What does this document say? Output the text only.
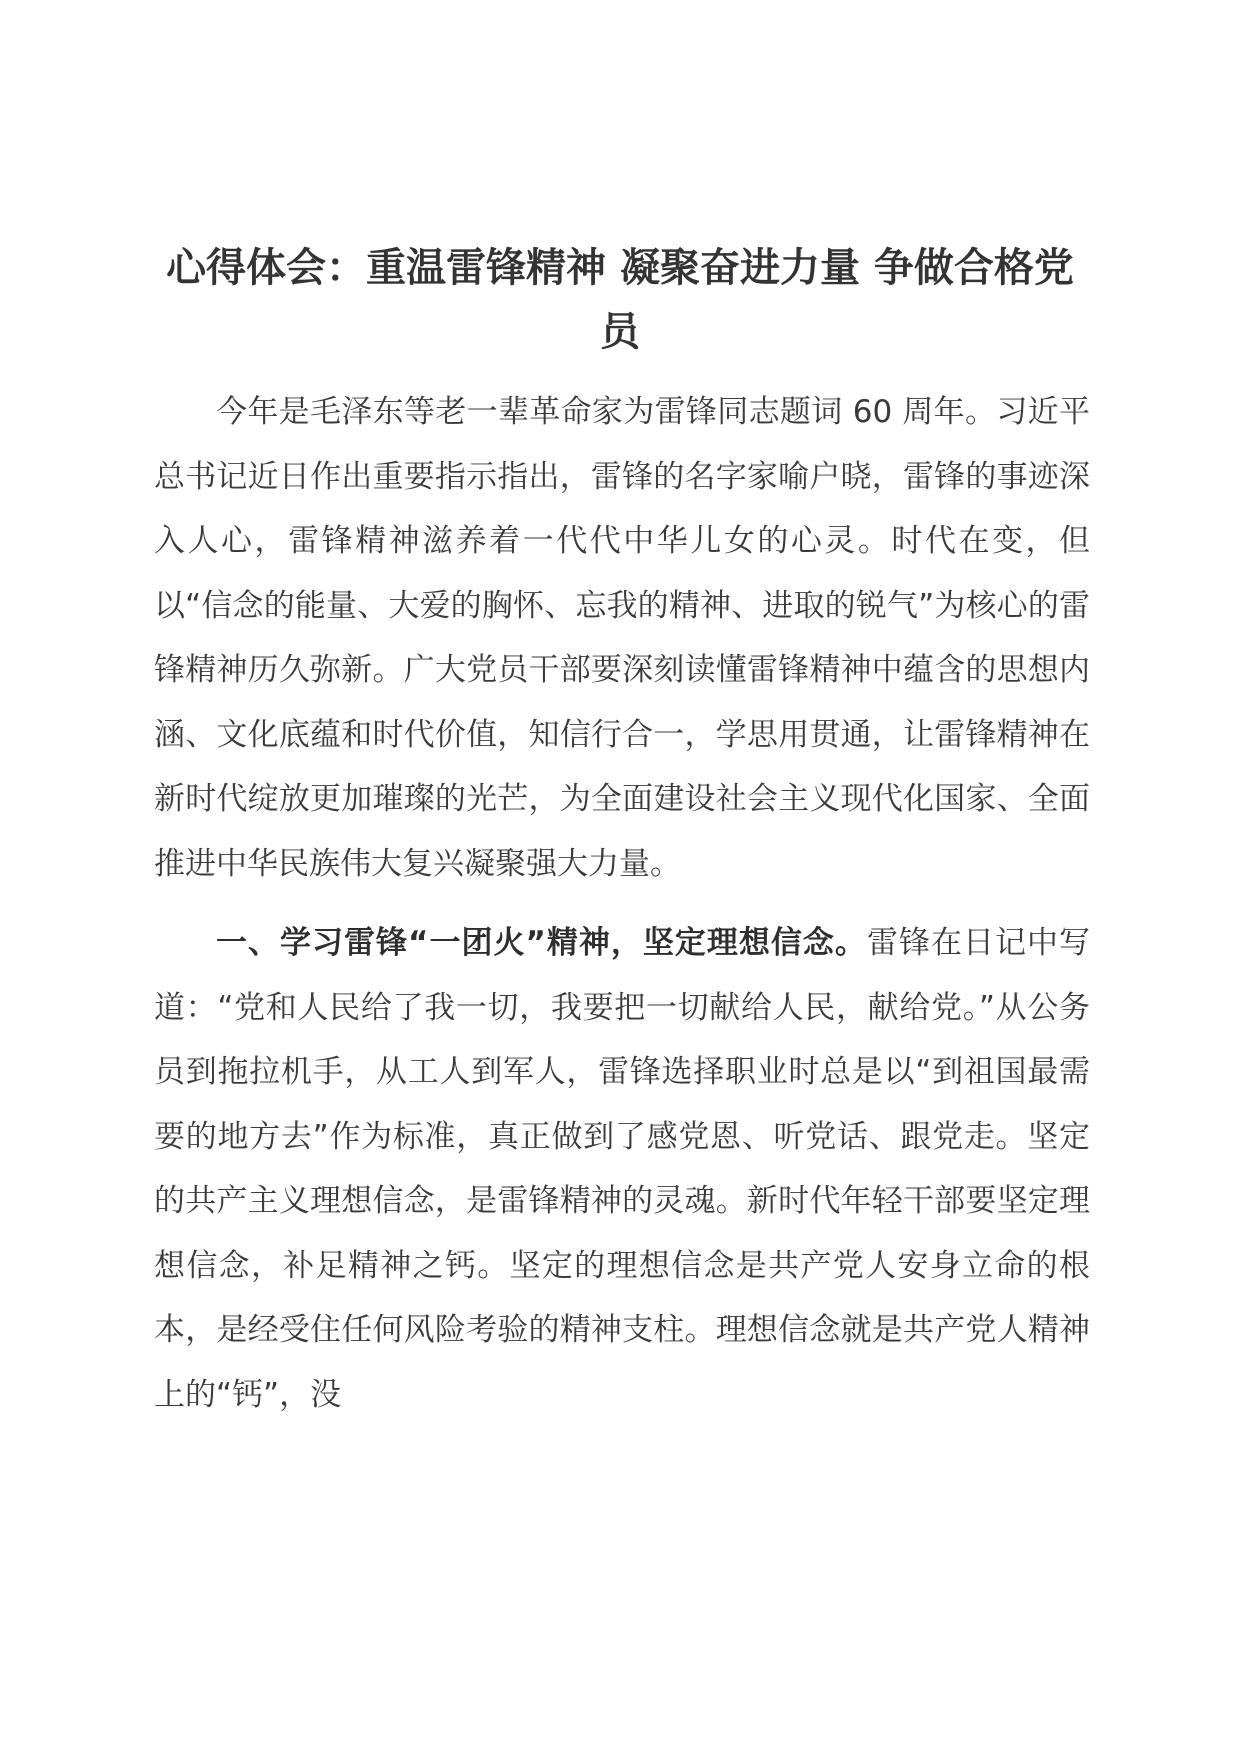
心得体会：重温雷锋精神 凝聚奋进力量 争做合格党员

今年是毛泽东等老一辈革命家为雷锋同志题词 60 周年。习近平总书记近日作出重要指示指出，雷锋的名字家喻户晓，雷锋的事迹深入人心，雷锋精神滋养着一代代中华儿女的心灵。时代在变，但以“信念的能量、大爱的胸怀、忘我的精神、进取的锐气”为核心的雷锋精神历久弥新。广大党员干部要深刻读懂雷锋精神中蕴含的思想内涵、文化底蕴和时代价值，知信行合一，学思用贯通，让雷锋精神在新时代绽放更加璀璨的光芒，为全面建设社会主义现代化国家、全面推进中华民族伟大复兴凝聚强大力量。

一、学习雷锋“一团火”精神，坚定理想信念。雷锋在日记中写道：“党和人民给了我一切，我要把一切献给人民，献给党。”从公务员到拖拉机手，从工人到军人，雷锋选择职业时总是以“到祖国最需要的地方去”作为标准，真正做到了感党恩、听党话、跟党走。坚定的共产主义理想信念，是雷锋精神的灵魂。新时代年轻干部要坚定理想信念，补足精神之钙。坚定的理想信念是共产党人安身立命的根本，是经受住任何风险考验的精神支柱。理想信念就是共产党人精神上的“钙”，没
